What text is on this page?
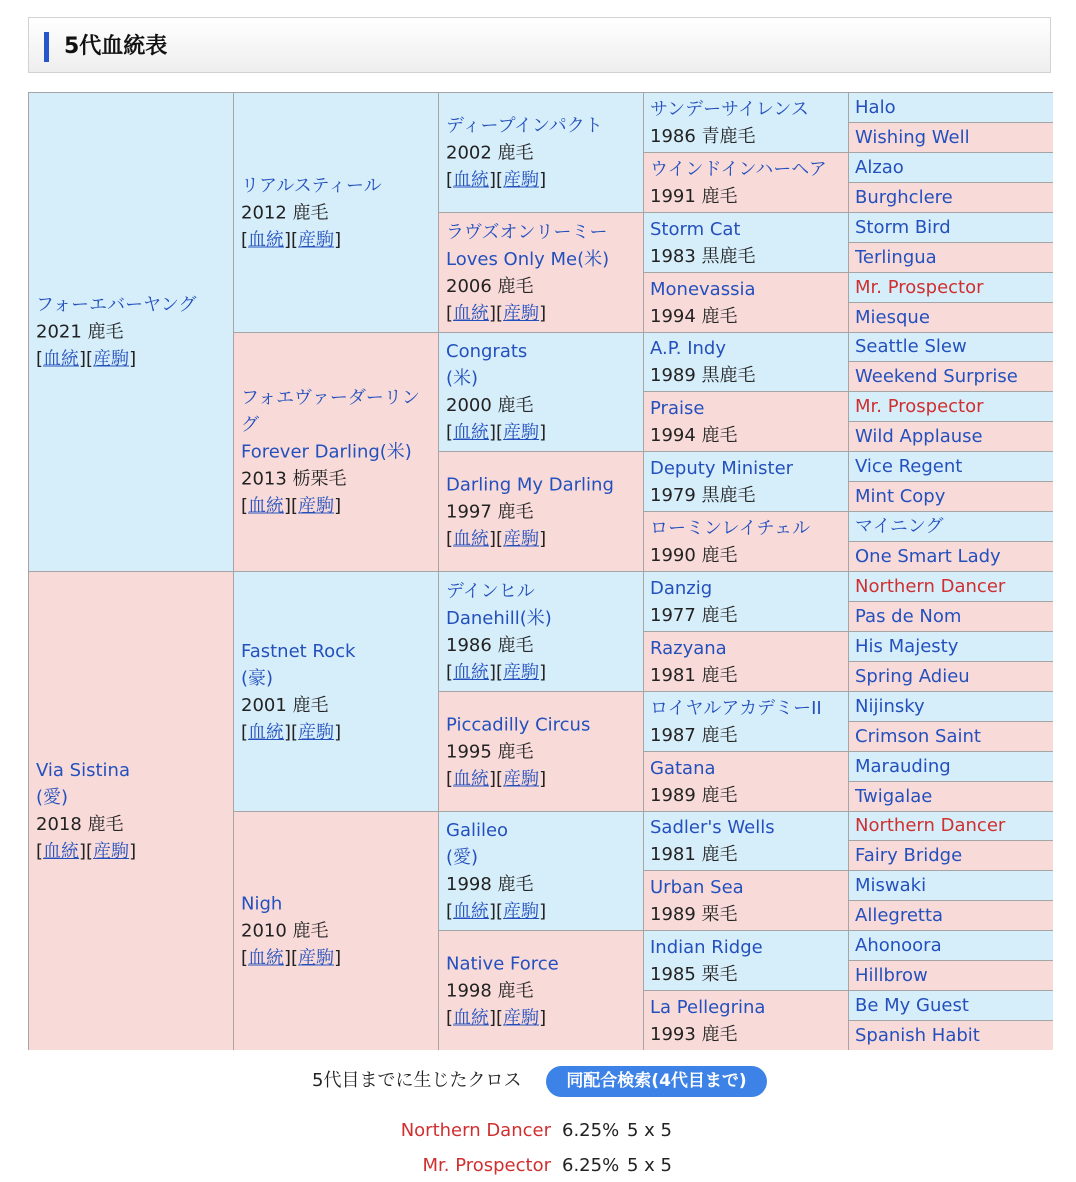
5代血統表
フォーエバーヤング
2021 鹿毛
[血統][産駒]
Via Sistina
(愛)
2018 鹿毛
[血統][産駒]
リアルスティール
2012 鹿毛
[血統][産駒]
フォエヴァーダーリング
Forever Darling(米)
2013 栃栗毛
[血統][産駒]
Fastnet Rock
(豪)
2001 鹿毛
[血統][産駒]
Nigh
2010 鹿毛
[血統][産駒]
ディープインパクト
2002 鹿毛
[血統][産駒]
ラヴズオンリーミー
Loves Only Me(米)
2006 鹿毛
[血統][産駒]
Congrats
(米)
2000 鹿毛
[血統][産駒]
Darling My Darling
1997 鹿毛
[血統][産駒]
デインヒル
Danehill(米)
1986 鹿毛
[血統][産駒]
Piccadilly Circus
1995 鹿毛
[血統][産駒]
Galileo
(愛)
1998 鹿毛
[血統][産駒]
Native Force
1998 鹿毛
[血統][産駒]
サンデーサイレンス
1986 青鹿毛
ウインドインハーヘア
1991 鹿毛
Storm Cat
1983 黒鹿毛
Monevassia
1994 鹿毛
A.P. Indy
1989 黒鹿毛
Praise
1994 鹿毛
Deputy Minister
1979 黒鹿毛
ローミンレイチェル
1990 鹿毛
Danzig
1977 鹿毛
Razyana
1981 鹿毛
ロイヤルアカデミーII
1987 鹿毛
Gatana
1989 鹿毛
Sadler's Wells
1981 鹿毛
Urban Sea
1989 栗毛
Indian Ridge
1985 栗毛
La Pellegrina
1993 鹿毛
Halo
Wishing Well
Alzao
Burghclere
Storm Bird
Terlingua
Mr. Prospector
Miesque
Seattle Slew
Weekend Surprise
Mr. Prospector
Wild Applause
Vice Regent
Mint Copy
マイニング
One Smart Lady
Northern Dancer
Pas de Nom
His Majesty
Spring Adieu
Nijinsky
Crimson Saint
Marauding
Twigalae
Northern Dancer
Fairy Bridge
Miswaki
Allegretta
Ahonoora
Hillbrow
Be My Guest
Spanish Habit
5代目までに生じたクロス	同配合検索(4代目まで)
Northern Dancer 6.25% 5 x 5
Mr. Prospector 6.25% 5 x 5
